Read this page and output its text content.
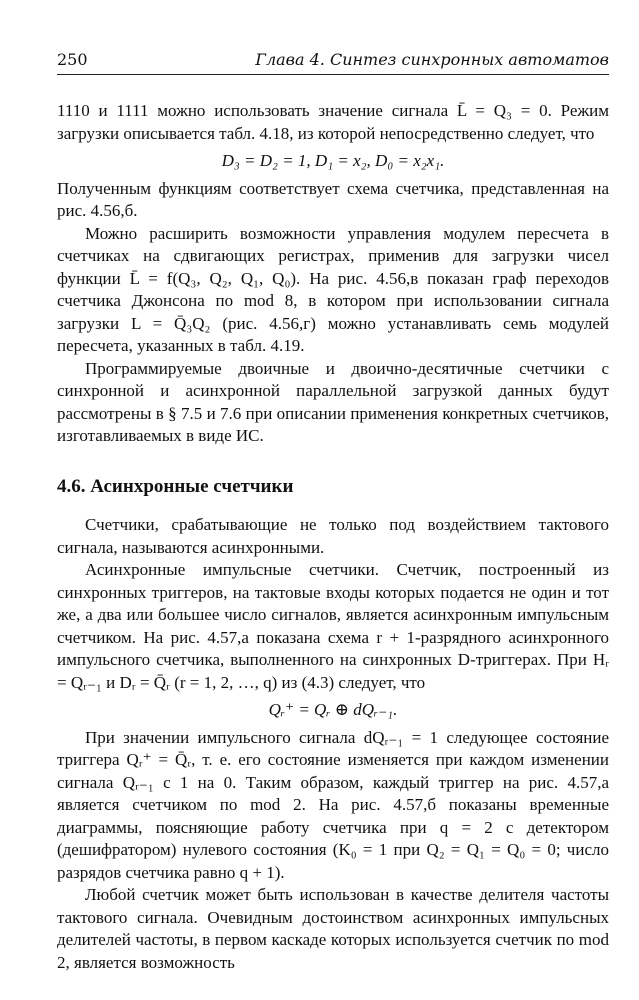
250	Глава 4. Синтез синхронных автоматов

1110 и 1111 можно использовать значение сигнала L̄ = Q₃ = 0. Режим загрузки описывается табл. 4.18, из которой непосредственно следует, что

D₃ = D₂ = 1, D₁ = x₂, D₀ = x₂x₁.

Полученным функциям соответствует схема счетчика, представленная на рис. 4.56,б.

Можно расширить возможности управления модулем пересчета в счетчиках на сдвигающих регистрах, применив для загрузки чисел функции L̄ = f(Q₃, Q₂, Q₁, Q₀). На рис. 4.56,в показан граф переходов счетчика Джонсона по mod 8, в котором при использовании сигнала загрузки L = Q̄₃Q₂ (рис. 4.56,г) можно устанавливать семь модулей пересчета, указанных в табл. 4.19.

Программируемые двоичные и двоично-десятичные счетчики с синхронной и асинхронной параллельной загрузкой данных будут рассмотрены в § 7.5 и 7.6 при описании применения конкретных счетчиков, изготавливаемых в виде ИС.

4.6. Асинхронные счетчики

Счетчики, срабатывающие не только под воздействием тактового сигнала, называются асинхронными.

Асинхронные импульсные счетчики. Счетчик, построенный из синхронных триггеров, на тактовые входы которых подается не один и тот же, а два или большее число сигналов, является асинхронным импульсным счетчиком. На рис. 4.57,а показана схема r + 1-разрядного асинхронного импульсного счетчика, выполненного на синхронных D-триггерах. При Hᵣ = Qᵣ₋₁ и Dᵣ = Q̄ᵣ (r = 1, 2, …, q) из (4.3) следует, что

Qᵣ⁺ = Qᵣ ⊕ dQᵣ₋₁.

При значении импульсного сигнала dQᵣ₋₁ = 1 следующее состояние триггера Qᵣ⁺ = Q̄ᵣ, т. е. его состояние изменяется при каждом изменении сигнала Qᵣ₋₁ с 1 на 0. Таким образом, каждый триггер на рис. 4.57,а является счетчиком по mod 2. На рис. 4.57,б показаны временные диаграммы, поясняющие работу счетчика при q = 2 с детектором (дешифратором) нулевого состояния (K₀ = 1 при Q₂ = Q₁ = Q₀ = 0; число разрядов счетчика равно q + 1).

Любой счетчик может быть использован в качестве делителя частоты тактового сигнала. Очевидным достоинством асинхронных импульсных делителей частоты, в первом каскаде которых используется счетчик по mod 2, является возможность
